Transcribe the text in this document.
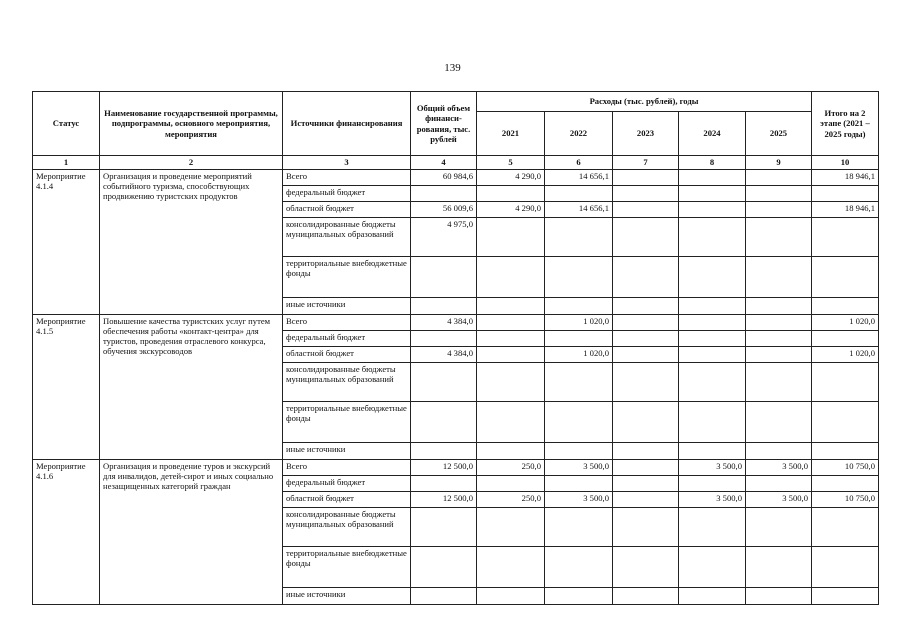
139
Статус	Наименование государственной программы, подпрограммы, основного мероприятия, мероприятия	Источники финансирования	Общий объем финанси-рования, тыс. рублей	Расходы (тыс. рублей), годы					Итого на 2 этапе (2021 – 2025 годы)
				2021	2022	2023	2024	2025	
1	2	3	4	5	6	7	8	9	10
Мероприятие 4.1.4	Организация и проведение мероприятий событийного туризма, способствующих продвижению туристских продуктов	Всего	60 984,6	4 290,0	14 656,1				18 946,1
		федеральный бюджет							
		областной бюджет	56 009,6	4 290,0	14 656,1				18 946,1
		консолидированные бюджеты муниципальных образований	4 975,0						
		территориальные внебюджетные фонды							
		иные источники							
Мероприятие 4.1.5	Повышение качества туристских услуг путем обеспечения работы «контакт-центра» для туристов, проведения отраслевого конкурса, обучения экскурсоводов	Всего	4 384,0		1 020,0				1 020,0
		федеральный бюджет							
		областной бюджет	4 384,0		1 020,0				1 020,0
		консолидированные бюджеты муниципальных образований							
		территориальные внебюджетные фонды							
		иные источники							
Мероприятие 4.1.6	Организация и проведение туров и экскурсий для инвалидов, детей-сирот и иных социально незащищенных категорий граждан	Всего	12 500,0	250,0	3 500,0		3 500,0	3 500,0	10 750,0
		федеральный бюджет							
		областной бюджет	12 500,0	250,0	3 500,0		3 500,0	3 500,0	10 750,0
		консолидированные бюджеты муниципальных образований							
		территориальные внебюджетные фонды							
		иные источники							
